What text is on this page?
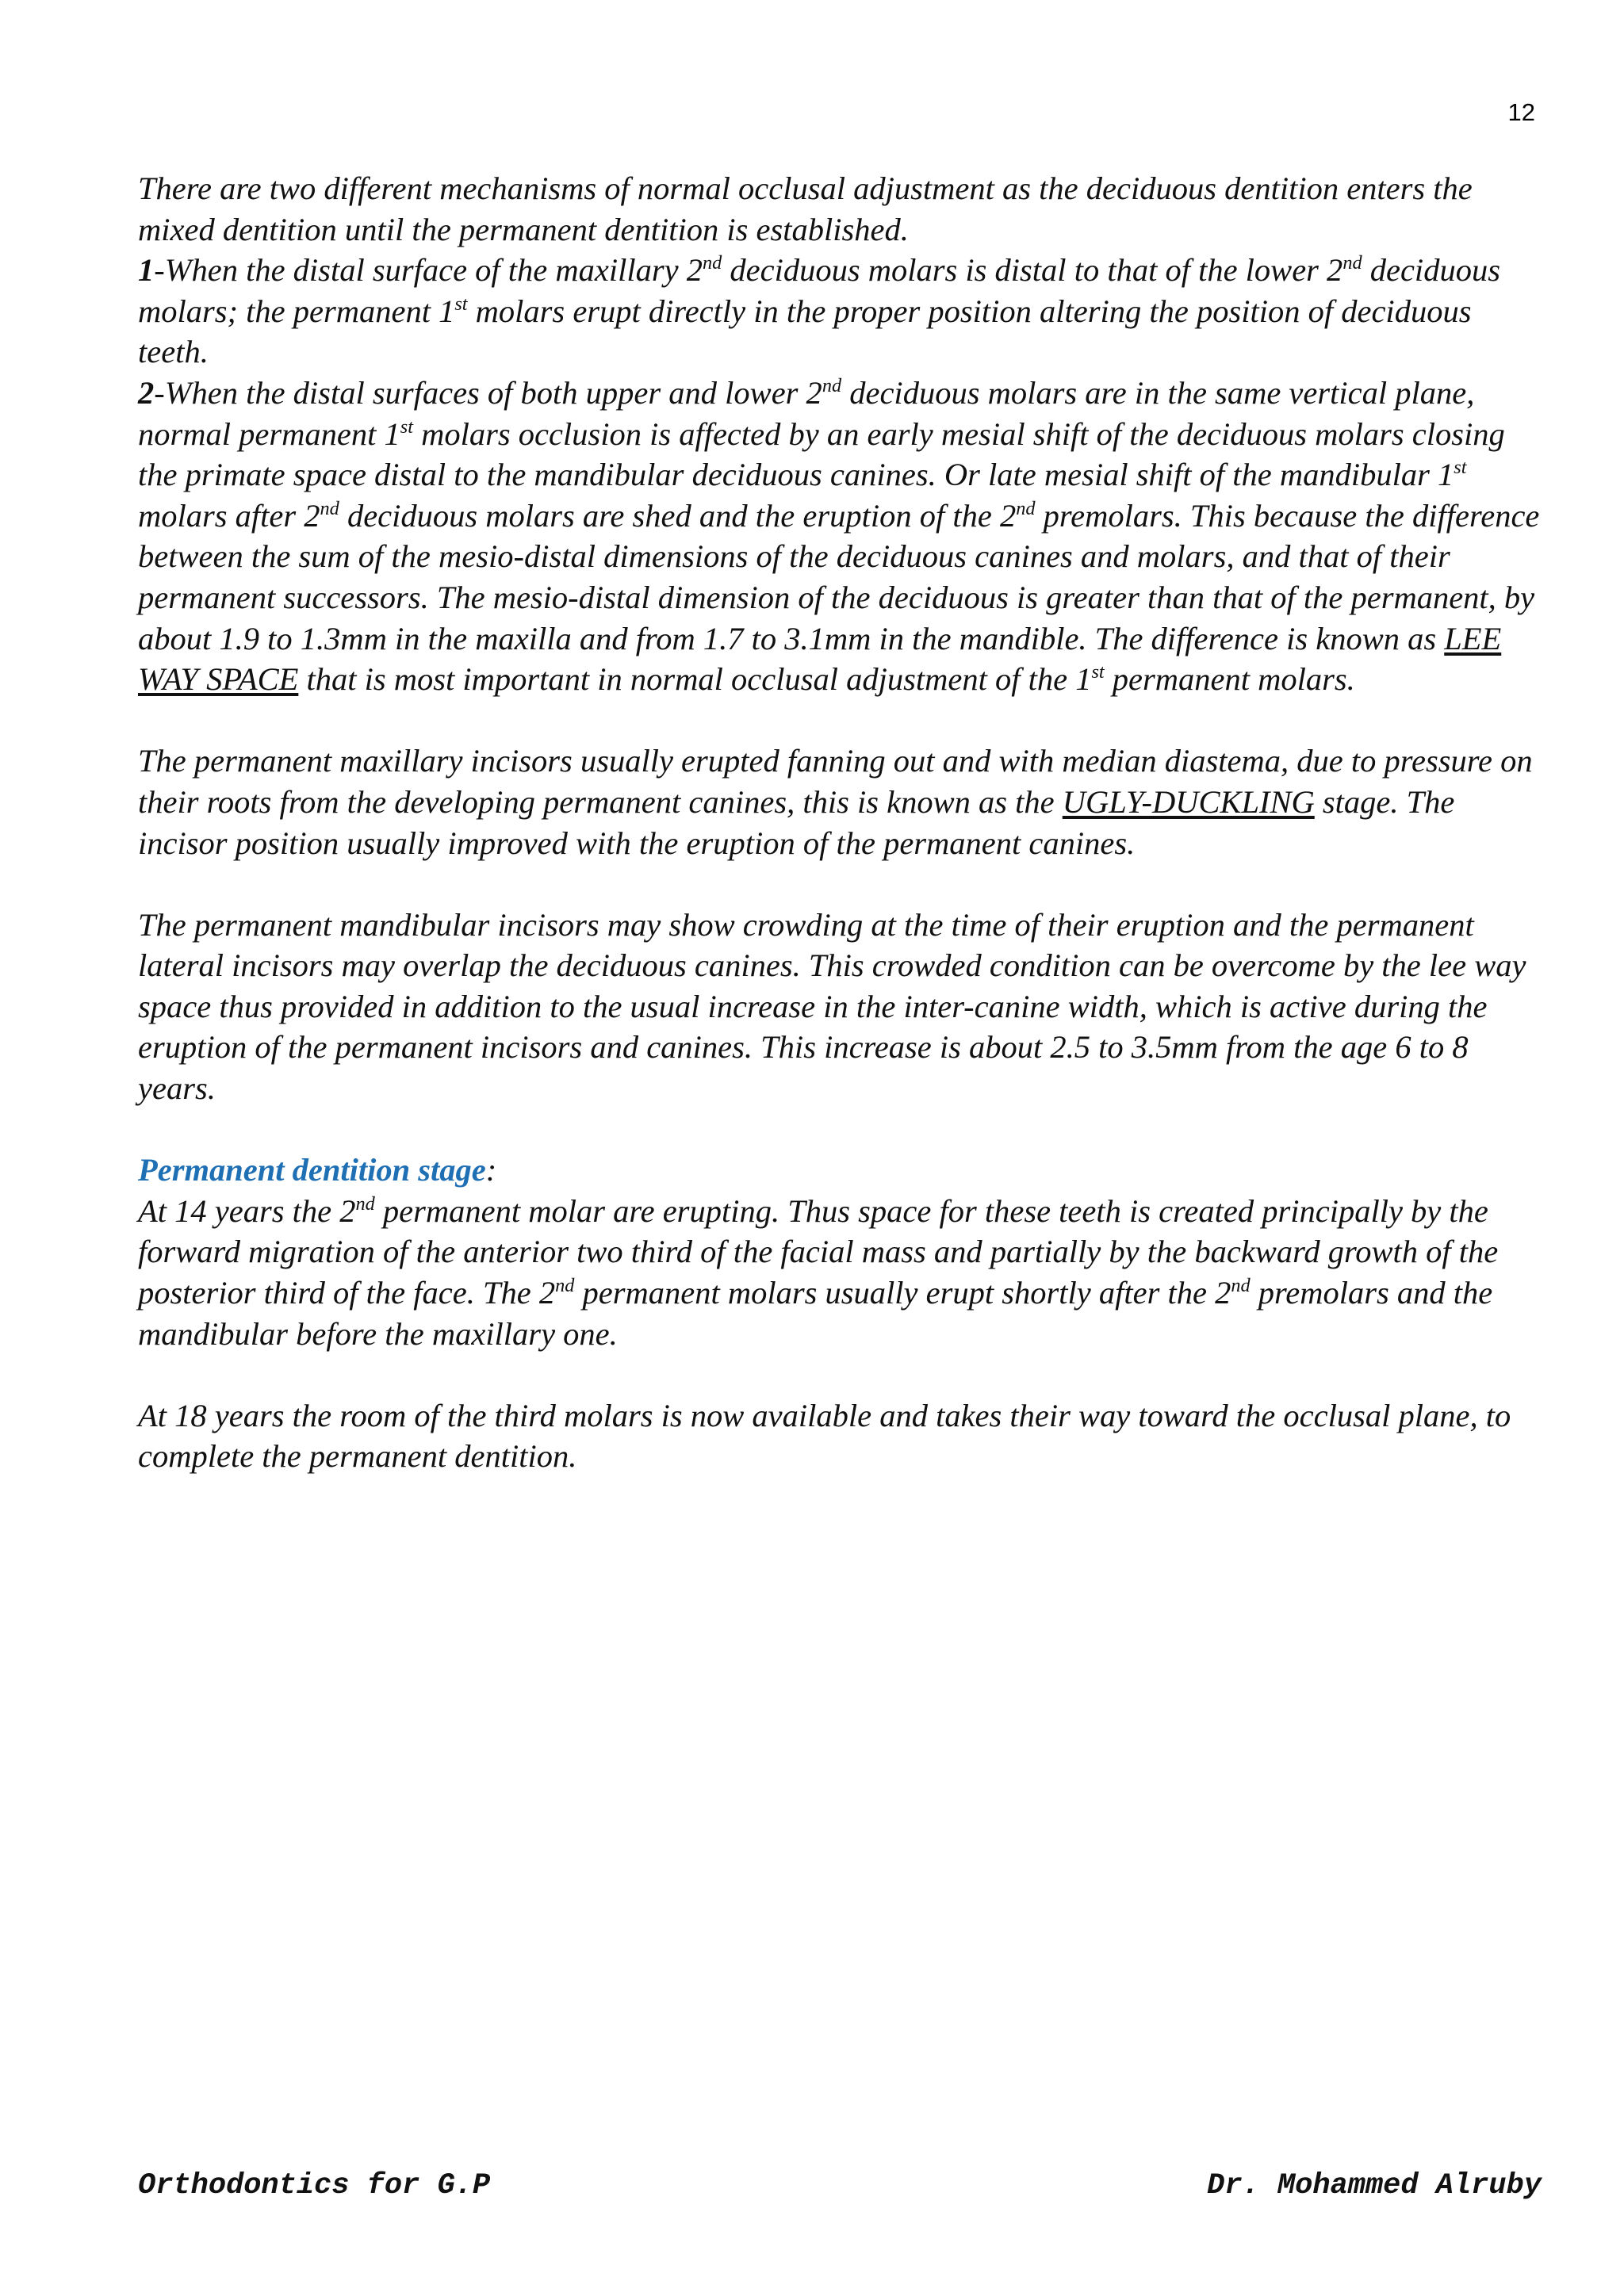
12

There are two different mechanisms of normal occlusal adjustment as the deciduous dentition enters the mixed dentition until the permanent dentition is established.

1-When the distal surface of the maxillary 2nd deciduous molars is distal to that of the lower 2nd deciduous molars; the permanent 1st molars erupt directly in the proper position altering the position of deciduous teeth.

2-When the distal surfaces of both upper and lower 2nd deciduous molars are in the same vertical plane, normal permanent 1st molars occlusion is affected by an early mesial shift of the deciduous molars closing the primate space distal to the mandibular deciduous canines. Or late mesial shift of the mandibular 1st molars after 2nd deciduous molars are shed and the eruption of the 2nd premolars. This because the difference between the sum of the mesio-distal dimensions of the deciduous canines and molars, and that of their permanent successors. The mesio-distal dimension of the deciduous is greater than that of the permanent, by about 1.9 to 1.3mm in the maxilla and from 1.7 to 3.1mm in the mandible. The difference is known as LEE WAY SPACE that is most important in normal occlusal adjustment of the 1st permanent molars.

The permanent maxillary incisors usually erupted fanning out and with median diastema, due to pressure on their roots from the developing permanent canines, this is known as the UGLY-DUCKLING stage. The incisor position usually improved with the eruption of the permanent canines.

The permanent mandibular incisors may show crowding at the time of their eruption and the permanent lateral incisors may overlap the deciduous canines. This crowded condition can be overcome by the lee way space thus provided in addition to the usual increase in the inter-canine width, which is active during the eruption of the permanent incisors and canines. This increase is about 2.5 to 3.5mm from the age 6 to 8 years.

Permanent dentition stage:
At 14 years the 2nd permanent molar are erupting. Thus space for these teeth is created principally by the forward migration of the anterior two third of the facial mass and partially by the backward growth of the posterior third of the face. The 2nd permanent molars usually erupt shortly after the 2nd premolars and the mandibular before the maxillary one.

At 18 years the room of the third molars is now available and takes their way toward the occlusal plane, to complete the permanent dentition.

Orthodontics for G.P	Dr. Mohammed Alruby
